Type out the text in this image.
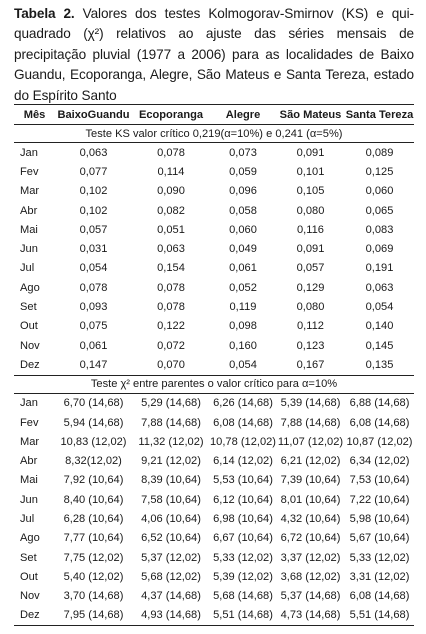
Tabela 2. Valores dos testes Kolmogorav-Smirnov (KS) e qui-quadrado (χ²) relativos ao ajuste das séries mensais de precipitação pluvial (1977 a 2006) para as localidades de Baixo Guandu, Ecoporanga, Alegre, São Mateus e Santa Tereza, estado do Espírito Santo
Mês	BaixoGuandu	Ecoporanga	Alegre	São Mateus	Santa Tereza
Teste KS valor crítico 0,219(α=10%) e 0,241 (α=5%)					
Jan	0,063	0,078	0,073	0,091	0,089
Fev	0,077	0,114	0,059	0,101	0,125
Mar	0,102	0,090	0,096	0,105	0,060
Abr	0,102	0,082	0,058	0,080	0,065
Mai	0,057	0,051	0,060	0,116	0,083
Jun	0,031	0,063	0,049	0,091	0,069
Jul	0,054	0,154	0,061	0,057	0,191
Ago	0,078	0,078	0,052	0,129	0,063
Set	0,093	0,078	0,119	0,080	0,054
Out	0,075	0,122	0,098	0,112	0,140
Nov	0,061	0,072	0,160	0,123	0,145
Dez	0,147	0,070	0,054	0,167	0,135
Teste χ² entre parentes o valor crítico para α=10%					
Jan	6,70 (14,68)	5,29 (14,68)	6,26 (14,68)	5,39 (14,68)	6,88 (14,68)
Fev	5,94 (14,68)	7,88 (14,68)	6,08 (14,68)	7,88 (14,68)	6,08 (14,68)
Mar	10,83 (12,02)	11,32 (12,02)	10,78 (12,02)	11,07 (12,02)	10,87 (12,02)
Abr	8,32(12,02)	9,21 (12,02)	6,14 (12,02)	6,21 (12,02)	6,34 (12,02)
Mai	7,92 (10,64)	8,39 (10,64)	5,53 (10,64)	7,39 (10,64)	7,53 (10,64)
Jun	8,40 (10,64)	7,58 (10,64)	6,12 (10,64)	8,01 (10,64)	7,22 (10,64)
Jul	6,28 (10,64)	4,06 (10,64)	6,98 (10,64)	4,32 (10,64)	5,98 (10,64)
Ago	7,77 (10,64)	6,52 (10,64)	6,67 (10,64)	6,72 (10,64)	5,67 (10,64)
Set	7,75 (12,02)	5,37 (12,02)	5,33 (12,02)	3,37 (12,02)	5,33 (12,02)
Out	5,40 (12,02)	5,68 (12,02)	5,39 (12,02)	3,68 (12,02)	3,31 (12,02)
Nov	3,70 (14,68)	4,37 (14,68)	5,68 (14,68)	5,37 (14,68)	6,08 (14,68)
Dez	7,95 (14,68)	4,93 (14,68)	5,51 (14,68)	4,73 (14,68)	5,51 (14,68)
